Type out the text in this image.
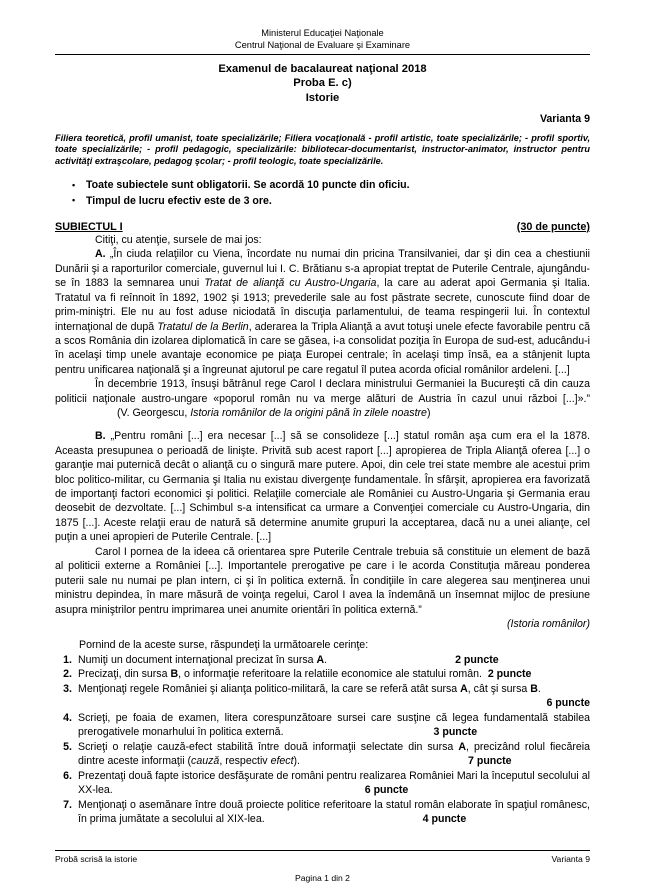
Ministerul Educaţiei Naţionale
Centrul Naţional de Evaluare şi Examinare
Examenul de bacalaureat naţional 2018
Proba E. c)
Istorie
Varianta 9
Filiera teoretică, profil umanist, toate specializările; Filiera vocaţională - profil artistic, toate specializările; - profil sportiv, toate specializările; - profil pedagogic, specializările: bibliotecar-documentarist, instructor-animator, instructor pentru activităţi extraşcolare, pedagog şcolar; - profil teologic, toate specializările.
• Toate subiectele sunt obligatorii. Se acordă 10 puncte din oficiu.
• Timpul de lucru efectiv este de 3 ore.
SUBIECTUL I	(30 de puncte)

Citiţi, cu atenţie, sursele de mai jos:

A. „În ciuda relaţiilor cu Viena, încordate nu numai din pricina Transilvaniei, dar şi din cea a chestiunii Dunării şi a raporturilor comerciale, guvernul lui I. C. Brătianu s-a apropiat treptat de Puterile Centrale, ajungându-se în 1883 la semnarea unui Tratat de alianţă cu Austro-Ungaria, la care au aderat apoi Germania şi Italia. Tratatul va fi reînnoit în 1892, 1902 şi 1913; prevederile sale au fost păstrate secrete, cunoscute fiind doar de prim-miniştri. Ele nu au fost aduse niciodată în discuţia parlamentului, de teama respingerii lui. În contextul internaţional de după Tratatul de la Berlin, aderarea la Tripla Alianţă a avut totuşi unele efecte favorabile pentru că a scos România din izolarea diplomatică în care se găsea, i-a consolidat poziţia în Europa de sud-est, aducându-i în acelaşi timp unele avantaje economice pe piaţa Europei centrale; în acelaşi timp însă, ea a stânjenit lupta pentru unificarea naţională şi a îngreunat ajutorul pe care regatul îl putea acorda oficial românilor ardeleni. [...]

În decembrie 1913, însuşi bătrânul rege Carol I declara ministrului Germaniei la Bucureşti că din cauza politicii naţionale austro-ungare «poporul român nu va merge alături de Austria în cazul unui război [...]».”(V. Georgescu, Istoria românilor de la origini până în zilele noastre)

B. „Pentru români [...] era necesar [...] să se consolideze [...] statul român aşa cum era el la 1878. Aceasta presupunea o perioadă de linişte. Privită sub acest raport [...] apropierea de Tripla Alianţă oferea [...] o garanţie mai puternică decât o alianţă cu o singură mare putere. Apoi, din cele trei state membre ale acestui prim bloc politico-militar, cu Germania şi Italia nu existau divergenţe fundamentale. În sfârşit, apropierea era favorizată de importanţi factori economici şi politici. Relaţiile comerciale ale României cu Austro-Ungaria şi Germania erau deosebit de dezvoltate. [...] Schimbul s-a intensificat ca urmare a Convenţiei comerciale cu Austro-Ungaria, din 1875 [...]. Aceste relaţii erau de natură să determine anumite grupuri la acceptarea, dacă nu a unei alianţe, cel puţin a unei apropieri de Puterile Centrale. [...]

Carol I pornea de la ideea că orientarea spre Puterile Centrale trebuia să constituie un element de bază al politicii externe a României [...]. Importantele prerogative pe care i le acorda Constituţia măreau ponderea puterii sale nu numai pe plan intern, ci şi în politica externă. În condiţiile în care alegerea sau menţinerea unui ministru depindea, în mare măsură de voinţa regelui, Carol I avea la îndemână un însemnat mijloc de presiune asupra miniştrilor pentru imprimarea unei anumite orientări în politica externă.”

(Istoria românilor)

Pornind de la aceste surse, răspundeţi la următoarele cerinţe:
1. Numiţi un document internaţional precizat în sursa A.	2 puncte
2. Precizaţi, din sursa B, o informaţie referitoare la relatiile economice ale statului român. 2 puncte
3. Menţionaţi regele României şi alianţa politico-militară, la care se referă atât sursa A, cât şi sursa B.
6 puncte
4. Scrieţi, pe foaia de examen, litera corespunzătoare sursei care susţine că legea fundamentală stabilea prerogativele monarhului în politica externă.	3 puncte
5. Scrieţi o relaţie cauză-efect stabilită între două informaţii selectate din sursa A, precizând rolul fiecăreia dintre aceste informaţii (cauză, respectiv efect).	7 puncte
6. Prezentaţi două fapte istorice desfăşurate de români pentru realizarea României Mari la începutul secolului al XX-lea.	6 puncte
7. Menţionaţi o asemănare între două proiecte politice referitoare la statul român elaborate în spaţiul românesc, în prima jumătate a secolului al XIX-lea.	4 puncte
Probă scrisă la istorie	Varianta 9
Pagina 1 din 2
